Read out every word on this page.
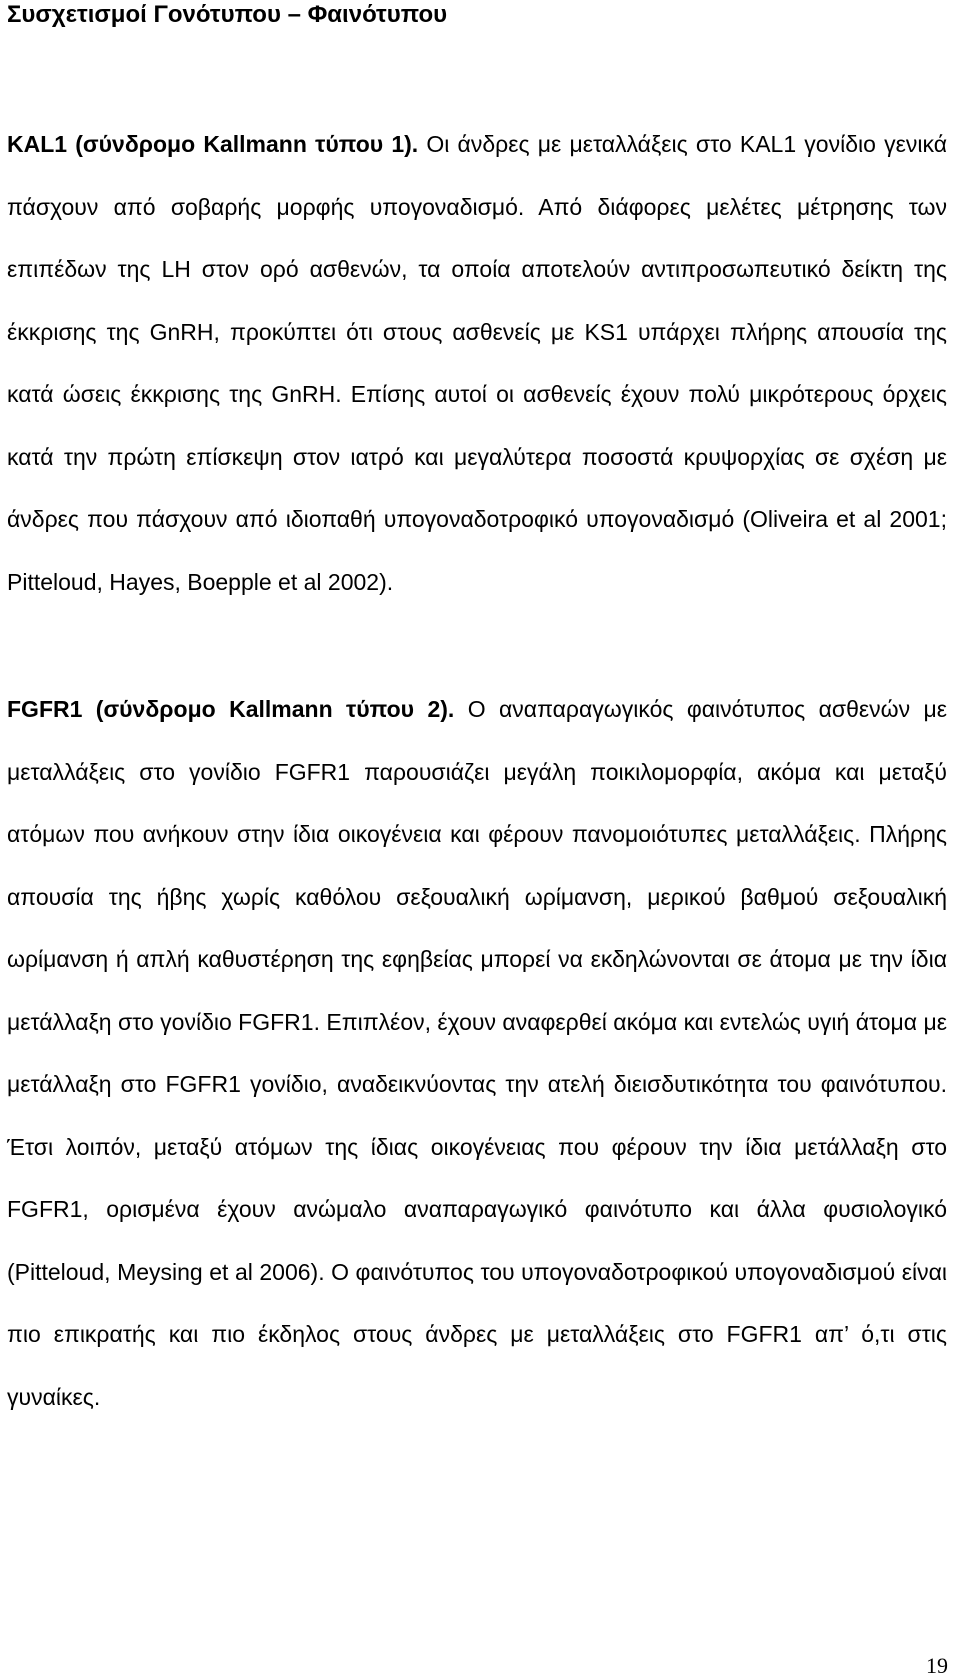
Συσχετισμοί Γονότυπου – Φαινότυπου

KAL1 (σύνδρομο Kallmann τύπου 1). Οι άνδρες με μεταλλάξεις στο KAL1 γονίδιο γενικά πάσχουν από σοβαρής μορφής υπογοναδισμό. Από διάφορες μελέτες μέτρησης των επιπέδων της LH στον ορό ασθενών, τα οποία αποτελούν αντιπροσωπευτικό δείκτη της έκκρισης της GnRH, προκύπτει ότι στους ασθενείς με KS1 υπάρχει πλήρης απουσία της κατά ώσεις έκκρισης της GnRH. Επίσης αυτοί οι ασθενείς έχουν πολύ μικρότερους όρχεις κατά την πρώτη επίσκεψη στον ιατρό και μεγαλύτερα ποσοστά κρυψορχίας σε σχέση με άνδρες που πάσχουν από ιδιοπαθή υπογοναδοτροφικό υπογοναδισμό (Oliveira et al 2001; Pitteloud, Hayes, Boepple et al 2002).

FGFR1 (σύνδρομο Kallmann τύπου 2). Ο αναπαραγωγικός φαινότυπος ασθενών με μεταλλάξεις στο γονίδιο FGFR1 παρουσιάζει μεγάλη ποικιλομορφία, ακόμα και μεταξύ ατόμων που ανήκουν στην ίδια οικογένεια και φέρουν πανομοιότυπες μεταλλάξεις. Πλήρης απουσία της ήβης χωρίς καθόλου σεξουαλική ωρίμανση, μερικού βαθμού σεξουαλική ωρίμανση ή απλή καθυστέρηση της εφηβείας μπορεί να εκδηλώνονται σε άτομα με την ίδια μετάλλαξη στο γονίδιο FGFR1. Επιπλέον, έχουν αναφερθεί ακόμα και εντελώς υγιή άτομα με μετάλλαξη στο FGFR1 γονίδιο, αναδεικνύοντας την ατελή διεισδυτικότητα του φαινότυπου. Έτσι λοιπόν, μεταξύ ατόμων της ίδιας οικογένειας που φέρουν την ίδια μετάλλαξη στο FGFR1, ορισμένα έχουν ανώμαλο αναπαραγωγικό φαινότυπο και άλλα φυσιολογικό (Pitteloud, Meysing et al 2006). Ο φαινότυπος του υπογοναδοτροφικού υπογοναδισμού είναι πιο επικρατής και πιο έκδηλος στους άνδρες με μεταλλάξεις στο FGFR1 απ’ ό,τι στις γυναίκες.

19
